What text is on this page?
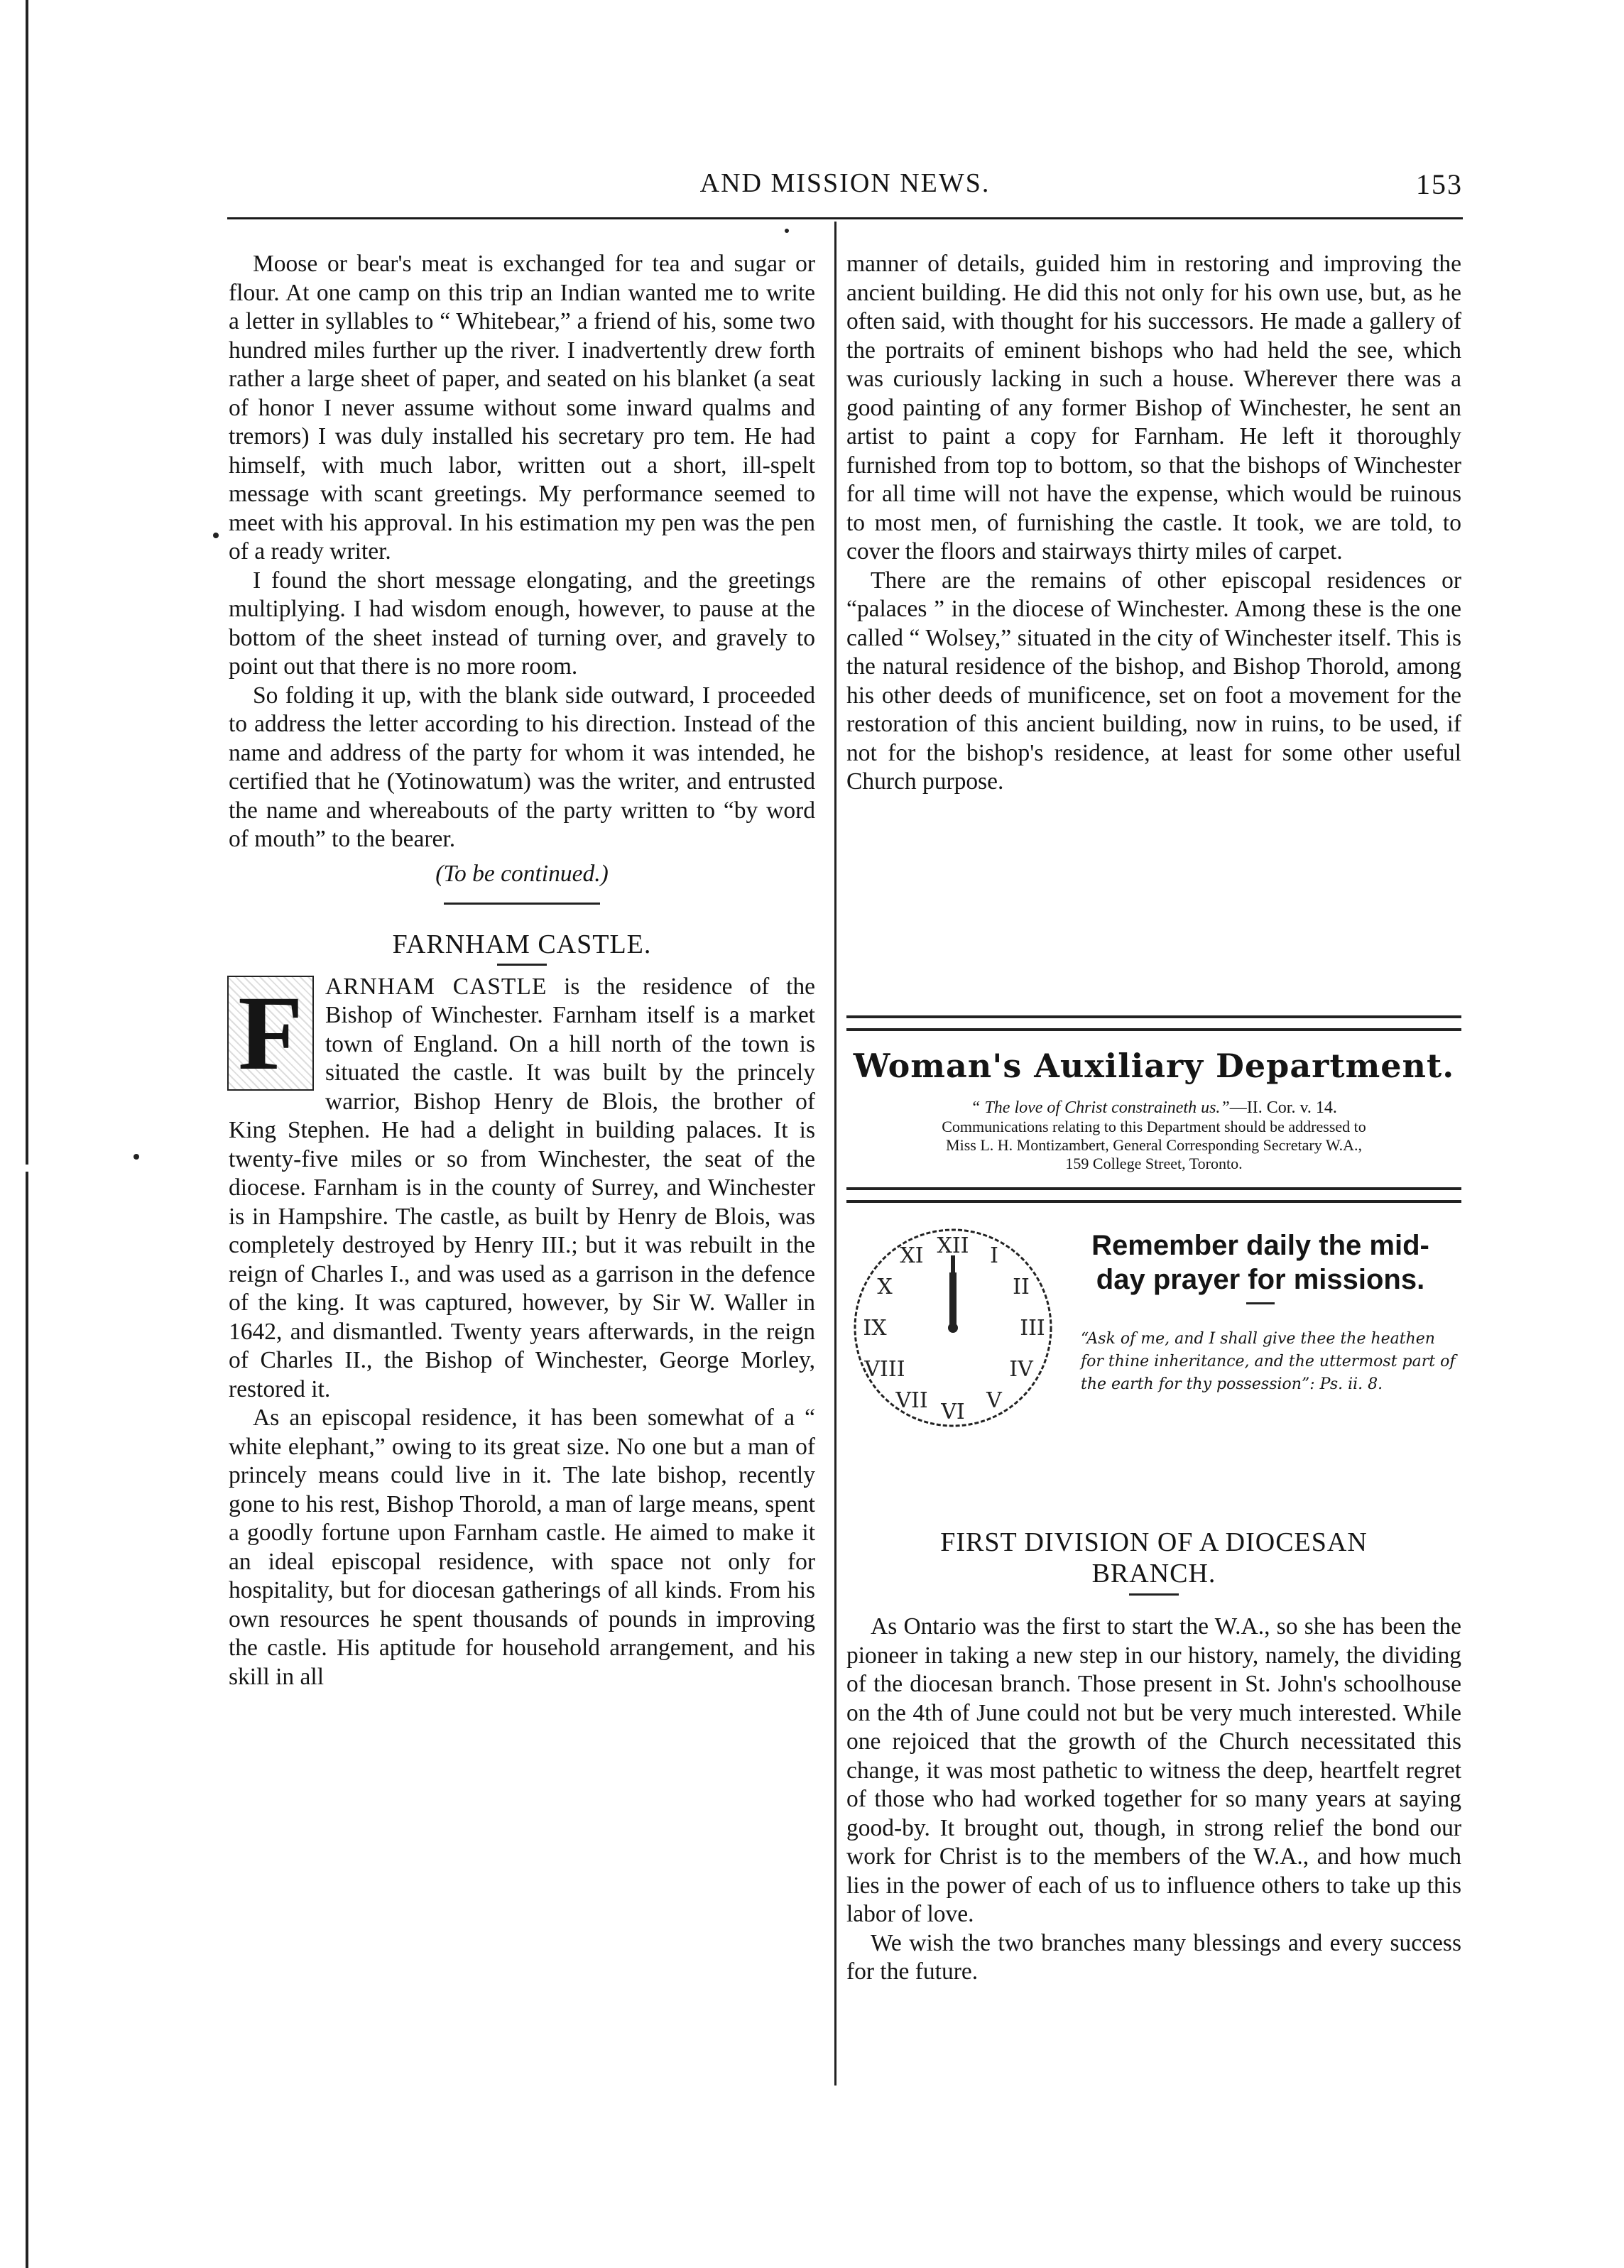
AND MISSION NEWS.	153

Moose or bear's meat is exchanged for tea and sugar or flour. At one camp on this trip an Indian wanted me to write a letter in syllables to “ Whitebear,” a friend of his, some two hundred miles further up the river. I inadvertently drew forth rather a large sheet of paper, and seated on his blanket (a seat of honor I never assume without some inward qualms and tremors) I was duly installed his secretary pro tem. He had himself, with much labor, written out a short, ill-spelt message with scant greetings. My performance seemed to meet with his approval. In his estimation my pen was the pen of a ready writer.

I found the short message elongating, and the greetings multiplying. I had wisdom enough, however, to pause at the bottom of the sheet instead of turning over, and gravely to point out that there is no more room.

So folding it up, with the blank side outward, I proceeded to address the letter according to his direction. Instead of the name and address of the party for whom it was intended, he certified that he (Yotinowatum) was the writer, and entrusted the name and whereabouts of the party written to “by word of mouth” to the bearer.

(To be continued.)

FARNHAM CASTLE.
F ARNHAM CASTLE is the residence of the Bishop of Winchester. Farnham itself is a market town of England. On a hill north of the town is situated the castle. It was built by the princely warrior, Bishop Henry de Blois, the brother of King Stephen. He had a delight in building palaces. It is twenty-five miles or so from Winchester, the seat of the diocese. Farnham is in the county of Surrey, and Winchester is in Hampshire. The castle, as built by Henry de Blois, was completely destroyed by Henry III.; but it was rebuilt in the reign of Charles I., and was used as a garrison in the defence of the king. It was captured, however, by Sir W. Waller in 1642, and dismantled. Twenty years afterwards, in the reign of Charles II., the Bishop of Winchester, George Morley, restored it.

As an episcopal residence, it has been somewhat of a “ white elephant,” owing to its great size. No one but a man of princely means could live in it. The late bishop, recently gone to his rest, Bishop Thorold, a man of large means, spent a goodly fortune upon Farnham castle. He aimed to make it an ideal episcopal residence, with space not only for hospitality, but for diocesan gatherings of all kinds. From his own resources he spent thousands of pounds in improving the castle. His aptitude for household arrangement, and his skill in all

manner of details, guided him in restoring and improving the ancient building. He did this not only for his own use, but, as he often said, with thought for his successors. He made a gallery of the portraits of eminent bishops who had held the see, which was curiously lacking in such a house. Wherever there was a good painting of any former Bishop of Winchester, he sent an artist to paint a copy for Farnham. He left it thoroughly furnished from top to bottom, so that the bishops of Winchester for all time will not have the expense, which would be ruinous to most men, of furnishing the castle. It took, we are told, to cover the floors and stairways thirty miles of carpet.

There are the remains of other episcopal residences or “palaces ” in the diocese of Winchester. Among these is the one called “ Wolsey,” situated in the city of Winchester itself. This is the natural residence of the bishop, and Bishop Thorold, among his other deeds of munificence, set on foot a movement for the restoration of this ancient building, now in ruins, to be used, if not for the bishop's residence, at least for some other useful Church purpose.

Woman's Auxiliary Department.
“ The love of Christ constraineth us.”—II. Cor. v. 14.
Communications relating to this Department should be addressed to
Miss L. H. Montizambert, General Corresponding Secretary W.A.,
159 College Street, Toronto.
XII I
II
III
IV
V
VI
VII
VIII
IX
X
XI	Remember daily the mid-
day prayer for missions.
“Ask of me, and I shall give thee the heathen for thine inheritance, and the uttermost part of the earth for thy possession”: Ps. ii. 8.
FIRST DIVISION OF A DIOCESAN
BRANCH.

As Ontario was the first to start the W.A., so she has been the pioneer in taking a new step in our history, namely, the dividing of the diocesan branch. Those present in St. John's schoolhouse on the 4th of June could not but be very much interested. While one rejoiced that the growth of the Church necessitated this change, it was most pathetic to witness the deep, heartfelt regret of those who had worked together for so many years at saying good-by. It brought out, though, in strong relief the bond our work for Christ is to the members of the W.A., and how much lies in the power of each of us to influence others to take up this labor of love.

We wish the two branches many blessings and every success for the future.
